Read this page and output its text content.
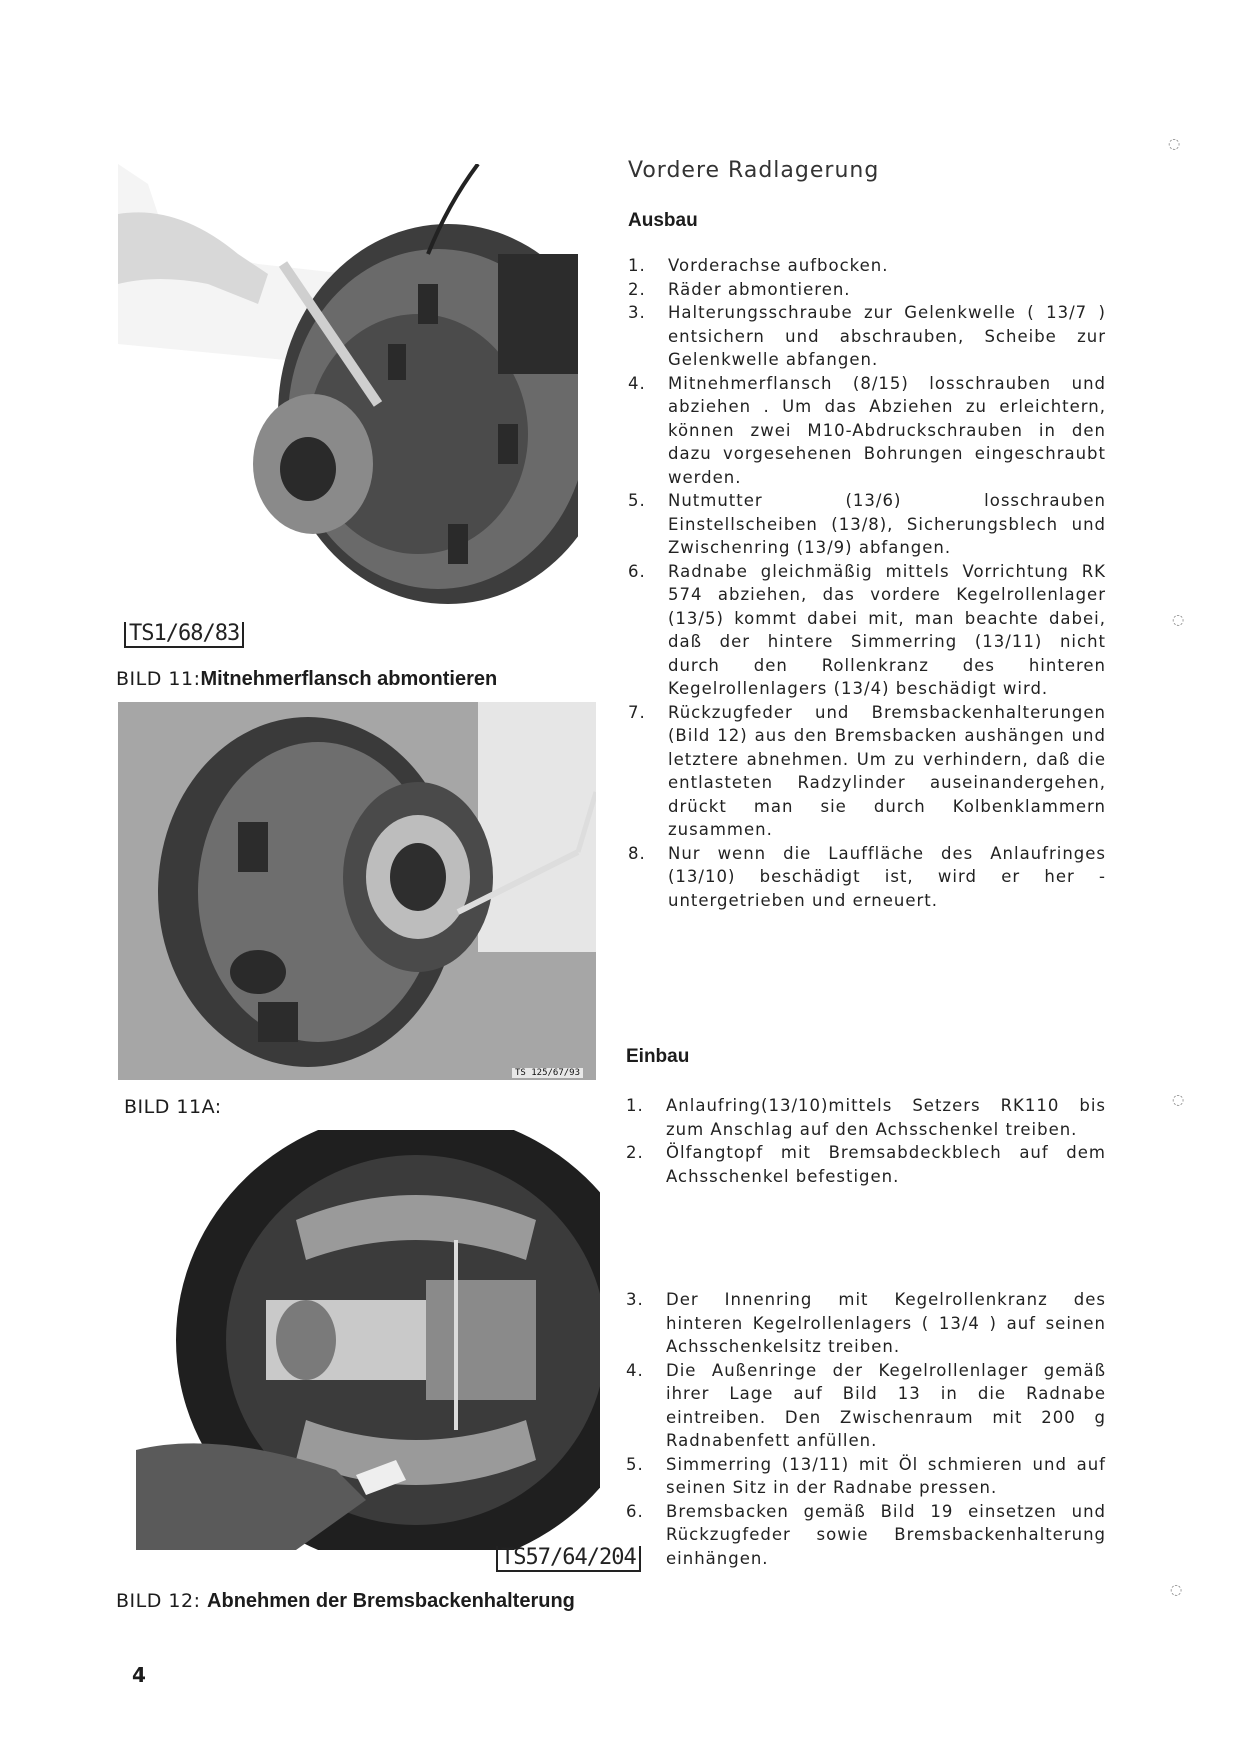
Vordere Radlagerung
Ausbau
1. Vorderachse aufbocken.
2. Räder abmontieren.
3. Halterungsschraube zur Gelenkwelle ( 13/7 ) entsichern und abschrauben, Scheibe zur Gelenkwelle abfangen.
4. Mitnehmerflansch (8/15) losschrauben und abziehen . Um das Abziehen zu erleichtern, können zwei M10-Abdruckschrauben in den dazu vorgesehenen Bohrungen eingeschraubt werden.
5. Nutmutter (13/6) losschrauben Einstellscheiben (13/8), Sicherungsblech und Zwischenring (13/9) abfangen.
6. Radnabe gleichmäßig mittels Vorrichtung RK 574 abziehen, das vordere Kegelrollenlager (13/5) kommt dabei mit, man beachte dabei, daß der hintere Simmerring (13/11) nicht durch den Rollenkranz des hinteren Kegelrollenlagers (13/4) beschädigt wird.
7. Rückzugfeder und Bremsbackenhalterungen (Bild 12) aus den Bremsbacken aushängen und letztere abnehmen. Um zu verhindern, daß die entlasteten Radzylinder auseinandergehen, drückt man sie durch Kolbenklammern zusammen.
8. Nur wenn die Lauffläche des Anlaufringes (13/10) beschädigt ist, wird er her - untergetrieben und erneuert.
Einbau
1. Anlaufring(13/10)mittels Setzers RK110 bis zum Anschlag auf den Achsschenkel treiben.
2. Ölfangtopf mit Bremsabdeckblech auf dem Achsschenkel befestigen.
3. Der Innenring mit Kegelrollenkranz des hinteren Kegelrollenlagers ( 13/4 ) auf seinen Achsschenkelsitz treiben.
4. Die Außenringe der Kegelrollenlager gemäß ihrer Lage auf Bild 13 in die Radnabe eintreiben. Den Zwischenraum mit 200 g Radnabenfett anfüllen.
5. Simmerring (13/11) mit Öl schmieren und auf seinen Sitz in der Radnabe pressen.
6. Bremsbacken gemäß Bild 19 einsetzen und Rückzugfeder sowie Bremsbackenhalterung einhängen.
TS1/68/83
BILD 11:Mitnehmerflansch abmontieren
TS 125/67/93
BILD 11A:
TS57/64/204
BILD 12: Abnehmen der Bremsbackenhalterung
4
◌
◌
◌
◌
